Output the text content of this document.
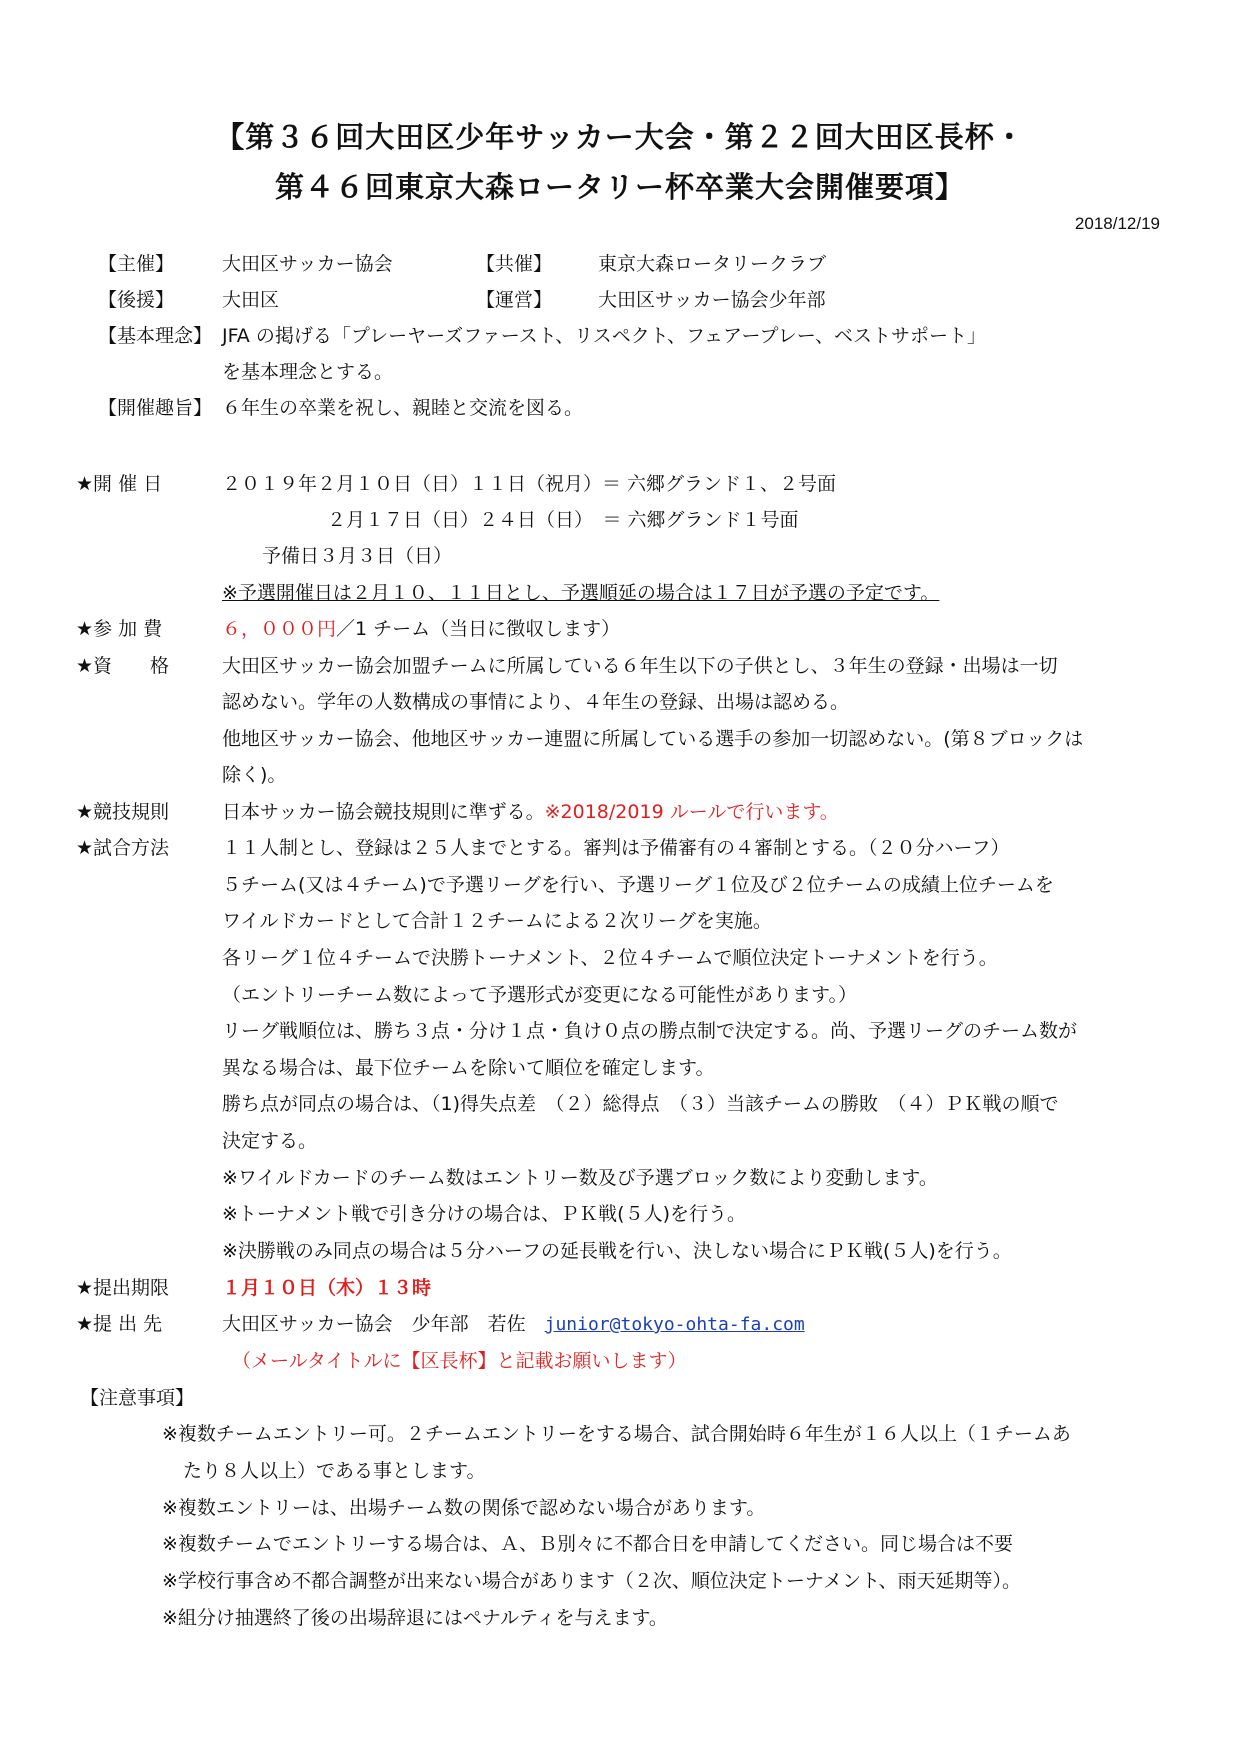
【第３６回大田区少年サッカー大会・第２２回大田区長杯・
第４６回東京大森ロータリー杯卒業大会開催要項】
2018/12/19
【主催】	大田区サッカー協会	【共催】 東京大森ロータリークラブ
【後援】	大田区	【運営】 大田区サッカー協会少年部
【基本理念】 JFA の掲げる「プレーヤーズファースト、リスペクト、フェアープレー、ベストサポート」
を基本理念とする。
【開催趣旨】 ６年生の卒業を祝し、親睦と交流を図る。
★開 催 日	２０１９年２月１０日（日）１１日（祝月）＝ 六郷グランド１、２号面
２月１７日（日）２４日（日）　＝ 六郷グランド１号面
予備日３月３日（日）
※予選開催日は２月１０、１１日とし、予選順延の場合は１７日が予選の予定です。
★参 加 費	６，０００円／1 チーム（当日に徴収します）
★資　　格	大田区サッカー協会加盟チームに所属している６年生以下の子供とし、３年生の登録・出場は一切
認めない。学年の人数構成の事情により、４年生の登録、出場は認める。
他地区サッカー協会、他地区サッカー連盟に所属している選手の参加一切認めない。(第８ブロックは
除く)。
★競技規則	日本サッカー協会競技規則に準ずる。※2018/2019 ルールで行います。
★試合方法	１１人制とし、登録は２５人までとする。審判は予備審有の４審制とする。（２０分ハーフ）
５チーム(又は４チーム)で予選リーグを行い、予選リーグ１位及び２位チームの成績上位チームを
ワイルドカードとして合計１２チームによる２次リーグを実施。
各リーグ１位４チームで決勝トーナメント、２位４チームで順位決定トーナメントを行う。
（エントリーチーム数によって予選形式が変更になる可能性があります。）
リーグ戦順位は、勝ち３点・分け１点・負け０点の勝点制で決定する。尚、予選リーグのチーム数が
異なる場合は、最下位チームを除いて順位を確定します。
勝ち点が同点の場合は、（1)得失点差　（２）総得点　（３）当該チームの勝敗　（４）ＰＫ戦の順で
決定する。
※ワイルドカードのチーム数はエントリー数及び予選ブロック数により変動します。
※トーナメント戦で引き分けの場合は、ＰＫ戦(５人)を行う。
※決勝戦のみ同点の場合は５分ハーフの延長戦を行い、決しない場合にＰＫ戦(５人)を行う。
★提出期限	１月１０日（木）１３時
★提 出 先	大田区サッカー協会　少年部　若佐　junior@tokyo-ohta-fa.com
（メールタイトルに【区長杯】と記載お願いします）
【注意事項】
※複数チームエントリー可。２チームエントリーをする場合、試合開始時６年生が１６人以上（１チームあ
たり８人以上）である事とします。
※複数エントリーは、出場チーム数の関係で認めない場合があります。
※複数チームでエントリーする場合は、Ａ、Ｂ別々に不都合日を申請してください。同じ場合は不要
※学校行事含め不都合調整が出来ない場合があります（２次、順位決定トーナメント、雨天延期等）。
※組分け抽選終了後の出場辞退にはペナルティを与えます。
